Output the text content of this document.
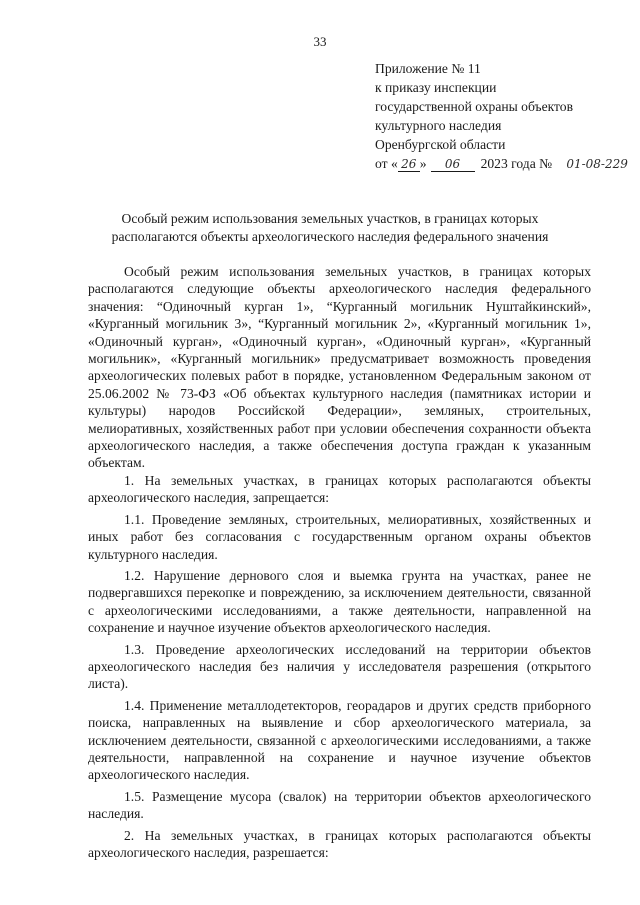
33
Приложение № 11
к приказу инспекции
государственной охраны объектов
культурного наследия
Оренбургской области
от « 26 » 06 2023 года № 01-08-229
Особый режим использования земельных участков, в границах которых располагаются объекты археологического наследия федерального значения

Особый режим использования земельных участков, в границах которых располагаются следующие объекты археологического наследия федерального значения: “Одиночный курган 1», “Курганный могильник Нуштайкинский», «Курганный могильник 3», “Курганный могильник 2», «Курганный могильник 1», «Одиночный курган», «Одиночный курган», «Одиночный курган», «Курганный могильник», «Курганный могильник» предусматривает возможность проведения археологических полевых работ в порядке, установленном Федеральным законом от 25.06.2002 № 73-ФЗ «Об объектах культурного наследия (памятниках истории и культуры) народов Российской Федерации», земляных, строительных, мелиоративных, хозяйственных работ при условии обеспечения сохранности объекта археологического наследия, а также обеспечения доступа граждан к указанным объектам.

1. На земельных участках, в границах которых располагаются объекты археологического наследия, запрещается:

1.1. Проведение земляных, строительных, мелиоративных, хозяйственных и иных работ без согласования с государственным органом охраны объектов культурного наследия.

1.2. Нарушение дернового слоя и выемка грунта на участках, ранее не подвергавшихся перекопке и повреждению, за исключением деятельности, связанной с археологическими исследованиями, а также деятельности, направленной на сохранение и научное изучение объектов археологического наследия.

1.3. Проведение археологических исследований на территории объектов археологического наследия без наличия у исследователя разрешения (открытого листа).

1.4. Применение металлодетекторов, георадаров и других средств приборного поиска, направленных на выявление и сбор археологического материала, за исключением деятельности, связанной с археологическими исследованиями, а также деятельности, направленной на сохранение и научное изучение объектов археологического наследия.

1.5. Размещение мусора (свалок) на территории объектов археологического наследия.

2. На земельных участках, в границах которых располагаются объекты археологического наследия, разрешается:
